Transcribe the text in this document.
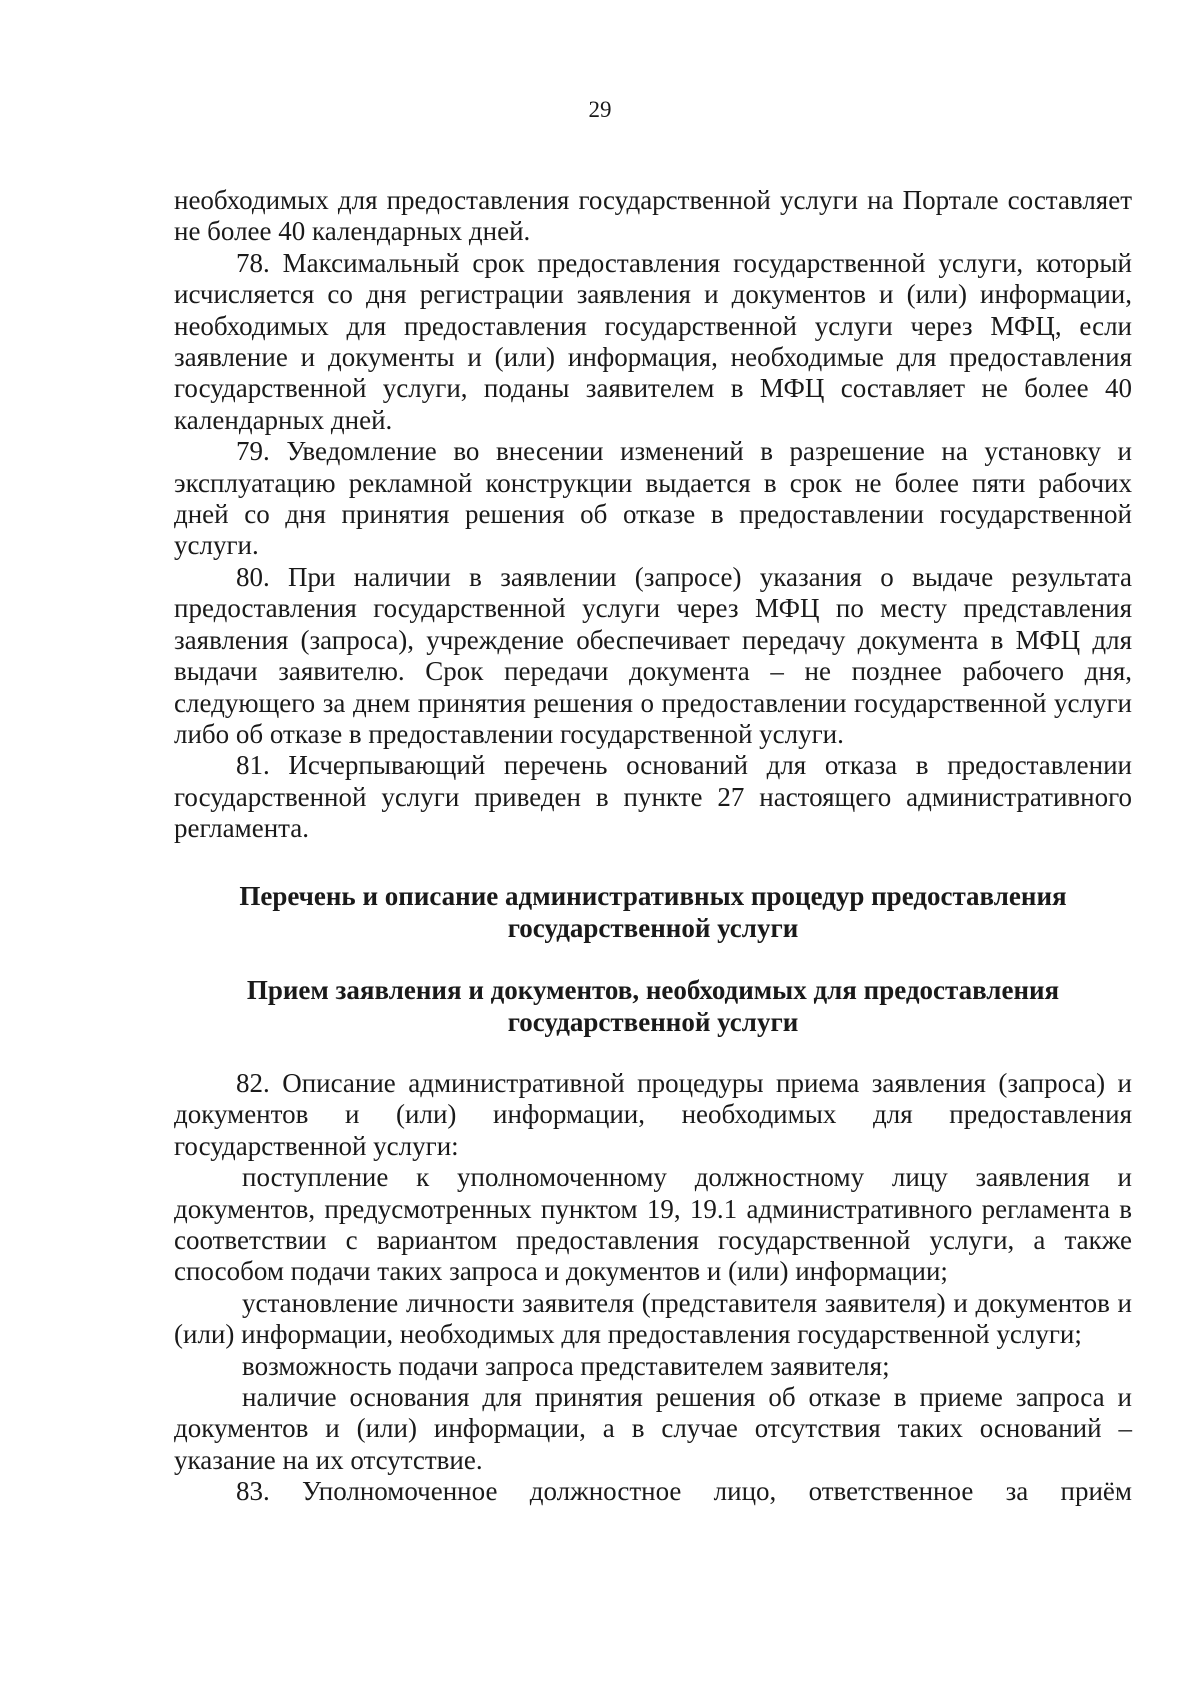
29

необходимых для предоставления государственной услуги на Портале составляет не более 40 календарных дней.

78. Максимальный срок предоставления государственной услуги, который исчисляется со дня регистрации заявления и документов и (или) информации, необходимых для предоставления государственной услуги через МФЦ, если заявление и документы и (или) информация, необходимые для предоставления государственной услуги, поданы заявителем в МФЦ составляет не более 40 календарных дней.

79. Уведомление во внесении изменений в разрешение на установку и эксплуатацию рекламной конструкции выдается в срок не более пяти рабочих дней со дня принятия решения об отказе в предоставлении государственной услуги.

80. При наличии в заявлении (запросе) указания о выдаче результата предоставления государственной услуги через МФЦ по месту представления заявления (запроса), учреждение обеспечивает передачу документа в МФЦ для выдачи заявителю. Срок передачи документа – не позднее рабочего дня, следующего за днем принятия решения о предоставлении государственной услуги либо об отказе в предоставлении государственной услуги.

81. Исчерпывающий перечень оснований для отказа в предоставлении государственной услуги приведен в пункте 27 настоящего административного регламента.

Перечень и описание административных процедур предоставления государственной услуги
Прием заявления и документов, необходимых для предоставления государственной услуги

82. Описание административной процедуры приема заявления (запроса) и документов и (или) информации, необходимых для предоставления государственной услуги:

поступление к уполномоченному должностному лицу заявления и документов, предусмотренных пунктом 19, 19.1 административного регламента в соответствии с вариантом предоставления государственной услуги, а также способом подачи таких запроса и документов и (или) информации;

установление личности заявителя (представителя заявителя) и документов и (или) информации, необходимых для предоставления государственной услуги;

возможность подачи запроса представителем заявителя;

наличие основания для принятия решения об отказе в приеме запроса и документов и (или) информации, а в случае отсутствия таких оснований – указание на их отсутствие.

83. Уполномоченное должностное лицо, ответственное за приём
